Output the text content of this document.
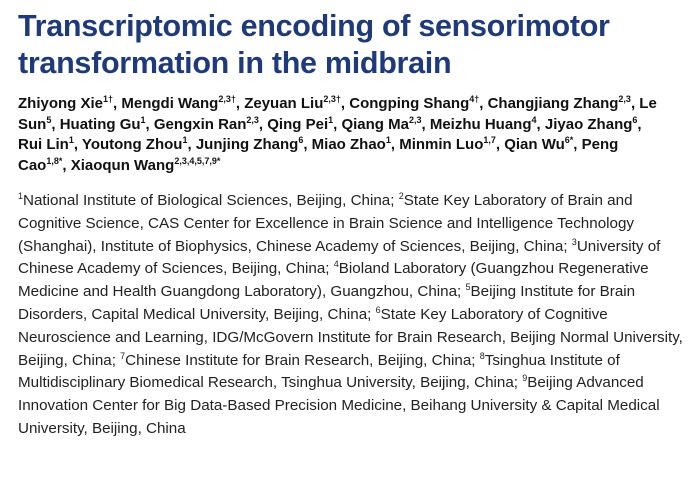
Transcriptomic encoding of sensorimotor transformation in the midbrain
Zhiyong Xie$^{1\dagger}$, Mengdi Wang$^{2,3\dagger}$, Zeyuan Liu$^{2,3\dagger}$, Congping Shang$^{4\dagger}$, Changjiang Zhang$^{2,3}$, Le Sun$^5$, Huating Gu$^1$, Gengxin Ran$^{2,3}$, Qing Pei$^1$, Qiang Ma$^{2,3}$, Meizhu Huang$^4$, Jiyao Zhang$^6$, Rui Lin$^1$, Youtong Zhou$^1$, Junjing Zhang$^6$, Miao Zhao$^1$, Minmin Luo$^{1,7}$, Qian $Wu^{6*}$, Peng Cao$^{1,8*}$, Xiaoqun Wang$^{2,3,4,5,7,9*}$
$^1$National Institute of Biological Sciences, Beijing, China; $^2$State Key Laboratory of Brain and Cognitive Science, CAS Center for Excellence in Brain Science and Intelligence Technology (Shanghai), Institute of Biophysics, Chinese Academy of Sciences, Beijing, China; $^3$University of Chinese Academy of Sciences, Beijing, China; $^4$Bioland Laboratory (Guangzhou Regenerative Medicine and Health Guangdong Laboratory), Guangzhou, China; $^5$Beijing Institute for Brain Disorders, Capital Medical University, Beijing, China; $^6$State Key Laboratory of Cognitive Neuroscience and Learning, IDG/McGovern Institute for Brain Research, Beijing Normal University, Beijing, China; $^7$Chinese Institute for Brain Research, Beijing, China; $^8$Tsinghua Institute of Multidisciplinary Biomedical Research, Tsinghua University, Beijing, China; $^9$Beijing Advanced Innovation Center for Big Data-Based Precision Medicine, Beihang University & Capital Medical University, Beijing, China
